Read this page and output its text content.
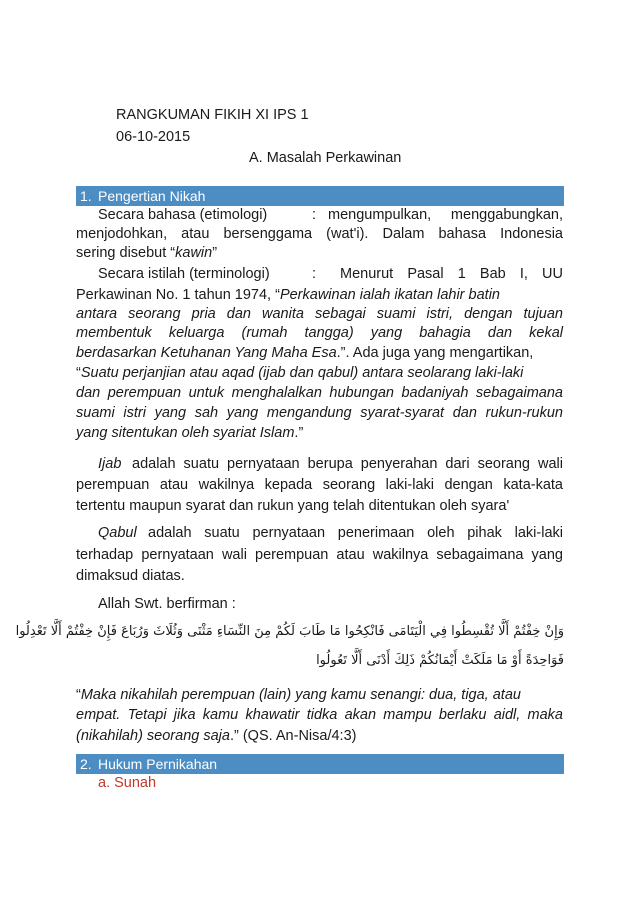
RANGKUMAN FIKIH XI IPS 1
06-10-2015
A. Masalah Perkawinan
1. Pengertian Nikah
Secara bahasa (etimologi)	: mengumpulkan, menggabungkan,
menjodohkan, atau bersenggama (wat'i). Dalam bahasa Indonesia
sering disebut “kawin”
Secara istilah (terminologi)	: Menurut Pasal 1 Bab I, UU
Perkawinan No. 1 tahun 1974, “Perkawinan ialah ikatan lahir batin
antara seorang pria dan wanita sebagai suami istri, dengan tujuan
membentuk keluarga (rumah tangga) yang bahagia dan kekal
berdasarkan Ketuhanan Yang Maha Esa.”. Ada juga yang mengartikan,
“Suatu perjanjian atau aqad (ijab dan qabul) antara seolarang laki-laki
dan perempuan untuk menghalalkan hubungan badaniyah sebagaimana
suami istri yang sah yang mengandung syarat-syarat dan rukun-rukun
yang sitentukan oleh syariat Islam.”
Ijab adalah suatu pernyataan berupa penyerahan dari seorang wali
perempuan atau wakilnya kepada seorang laki-laki dengan kata-kata
tertentu maupun syarat dan rukun yang telah ditentukan oleh syara'
Qabul adalah suatu pernyataan penerimaan oleh pihak laki-laki
terhadap pernyataan wali perempuan atau wakilnya sebagaimana yang
dimaksud diatas.
Allah Swt. berfirman :
وَإِنْ خِفْتُمْ أَلَّا تُقْسِطُوا فِي الْيَتَامَى فَانْكِحُوا مَا طَابَ لَكُمْ مِنَ النِّسَاءِ مَثْنَى وَثُلَاثَ وَرُبَاعَ فَإِنْ خِفْتُمْ أَلَّا تَعْدِلُوا
فَوَاحِدَةً أَوْ مَا مَلَكَتْ أَيْمَانُكُمْ ذَلِكَ أَدْنَى أَلَّا تَعُولُوا
“Maka nikahilah perempuan (lain) yang kamu senangi: dua, tiga, atau
empat. Tetapi jika kamu khawatir tidka akan mampu berlaku aidl, maka
(nikahilah) seorang saja.” (QS. An-Nisa/4:3)
2. Hukum Pernikahan
a. Sunah
